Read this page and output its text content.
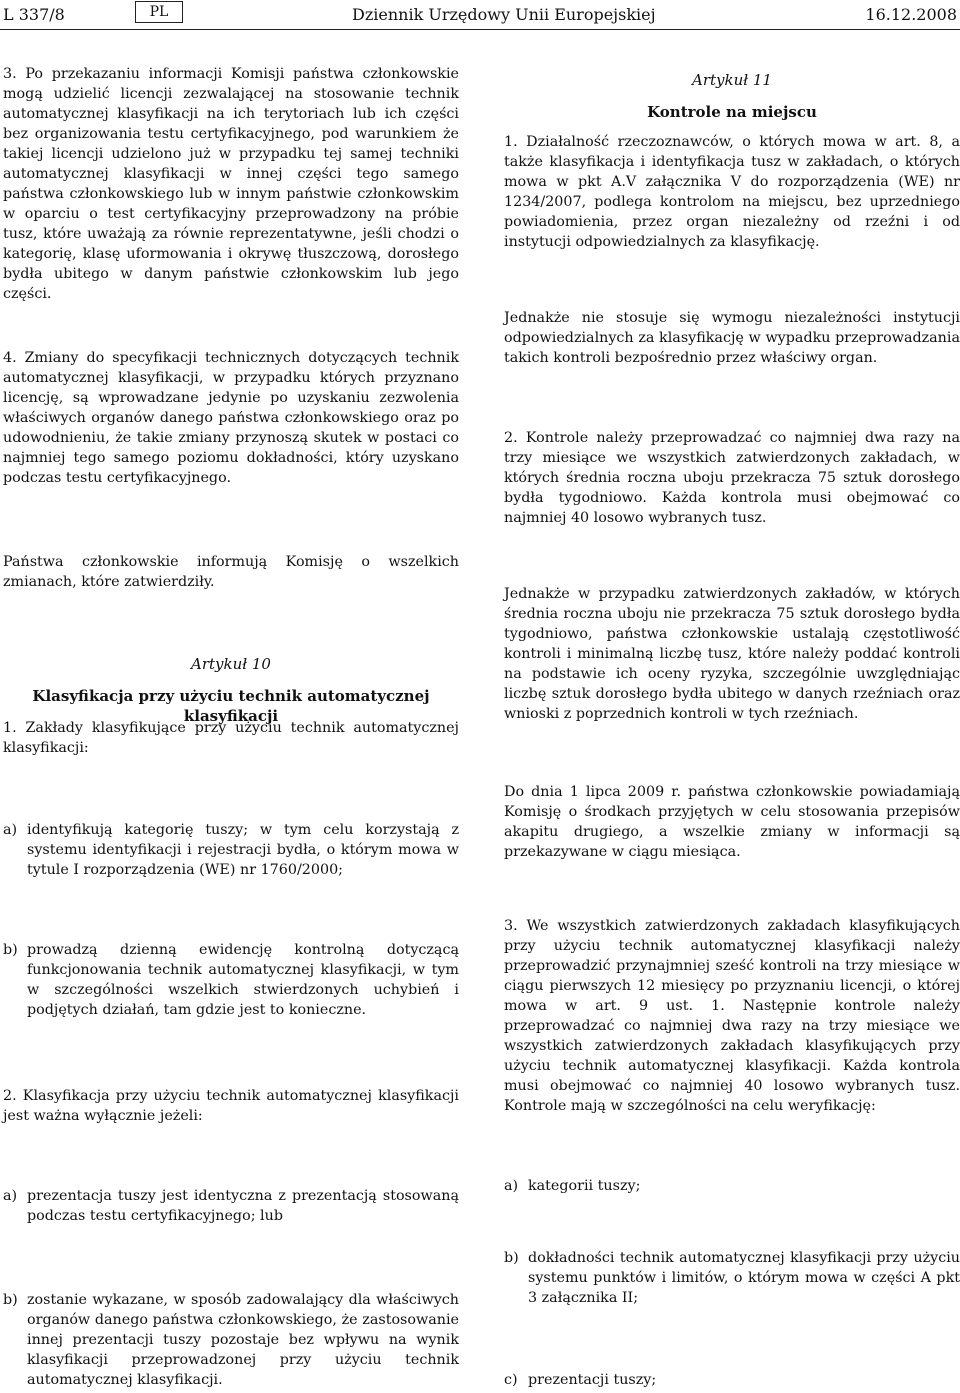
L 337/8	PL	Dziennik Urzędowy Unii Europejskiej	16.12.2008

3. Po przekazaniu informacji Komisji państwa członkowskie mogą udzielić licencji zezwalającej na stosowanie technik automatycznej klasyfikacji na ich terytoriach lub ich części bez organizowania testu certyfikacyjnego, pod warunkiem że takiej licencji udzielono już w przypadku tej samej techniki automatycznej klasyfikacji w innej części tego samego państwa członkowskiego lub w innym państwie członkowskim w oparciu o test certyfikacyjny przeprowadzony na próbie tusz, które uważają za równie reprezentatywne, jeśli chodzi o kategorię, klasę uformowania i okrywę tłuszczową, dorosłego bydła ubitego w danym państwie członkowskim lub jego części.

4. Zmiany do specyfikacji technicznych dotyczących technik automatycznej klasyfikacji, w przypadku których przyznano licencję, są wprowadzane jedynie po uzyskaniu zezwolenia właściwych organów danego państwa członkowskiego oraz po udowodnieniu, że takie zmiany przynoszą skutek w postaci co najmniej tego samego poziomu dokładności, który uzyskano podczas testu certyfikacyjnego.

Państwa członkowskie informują Komisję o wszelkich zmianach, które zatwierdziły.

Artykuł 10

Klasyfikacja przy użyciu technik automatycznej klasyfikacji

1. Zakłady klasyfikujące przy użyciu technik automatycznej klasyfikacji:

a) identyfikują kategorię tuszy; w tym celu korzystają z systemu identyfikacji i rejestracji bydła, o którym mowa w tytule I rozporządzenia (WE) nr 1760/2000;
b) prowadzą dzienną ewidencję kontrolną dotyczącą funkcjonowania technik automatycznej klasyfikacji, w tym w szczególności wszelkich stwierdzonych uchybień i podjętych działań, tam gdzie jest to konieczne.

2. Klasyfikacja przy użyciu technik automatycznej klasyfikacji jest ważna wyłącznie jeżeli:

a) prezentacja tuszy jest identyczna z prezentacją stosowaną podczas testu certyfikacyjnego; lub
b) zostanie wykazane, w sposób zadowalający dla właściwych organów danego państwa członkowskiego, że zastosowanie innej prezentacji tuszy pozostaje bez wpływu na wynik klasyfikacji przeprowadzonej przy użyciu technik automatycznej klasyfikacji.

Artykuł 11

Kontrole na miejscu

1. Działalność rzeczoznawców, o których mowa w art. 8, a także klasyfikacja i identyfikacja tusz w zakładach, o których mowa w pkt A.V załącznika V do rozporządzenia (WE) nr 1234/2007, podlega kontrolom na miejscu, bez uprzedniego powiadomienia, przez organ niezależny od rzeźni i od instytucji odpowiedzialnych za klasyfikację.

Jednakże nie stosuje się wymogu niezależności instytucji odpowiedzialnych za klasyfikację w wypadku przeprowadzania takich kontroli bezpośrednio przez właściwy organ.

2. Kontrole należy przeprowadzać co najmniej dwa razy na trzy miesiące we wszystkich zatwierdzonych zakładach, w których średnia roczna uboju przekracza 75 sztuk dorosłego bydła tygodniowo. Każda kontrola musi obejmować co najmniej 40 losowo wybranych tusz.

Jednakże w przypadku zatwierdzonych zakładów, w których średnia roczna uboju nie przekracza 75 sztuk dorosłego bydła tygodniowo, państwa członkowskie ustalają częstotliwość kontroli i minimalną liczbę tusz, które należy poddać kontroli na podstawie ich oceny ryzyka, szczególnie uwzględniając liczbę sztuk dorosłego bydła ubitego w danych rzeźniach oraz wnioski z poprzednich kontroli w tych rzeźniach.

Do dnia 1 lipca 2009 r. państwa członkowskie powiadamiają Komisję o środkach przyjętych w celu stosowania przepisów akapitu drugiego, a wszelkie zmiany w informacji są przekazywane w ciągu miesiąca.

3. We wszystkich zatwierdzonych zakładach klasyfikujących przy użyciu technik automatycznej klasyfikacji należy przeprowadzić przynajmniej sześć kontroli na trzy miesiące w ciągu pierwszych 12 miesięcy po przyznaniu licencji, o której mowa w art. 9 ust. 1. Następnie kontrole należy przeprowadzać co najmniej dwa razy na trzy miesiące we wszystkich zatwierdzonych zakładach klasyfikujących przy użyciu technik automatycznej klasyfikacji. Każda kontrola musi obejmować co najmniej 40 losowo wybranych tusz. Kontrole mają w szczególności na celu weryfikację:

a) kategorii tuszy;
b) dokładności technik automatycznej klasyfikacji przy użyciu systemu punktów i limitów, o którym mowa w części A pkt 3 załącznika II;
c) prezentacji tuszy;
